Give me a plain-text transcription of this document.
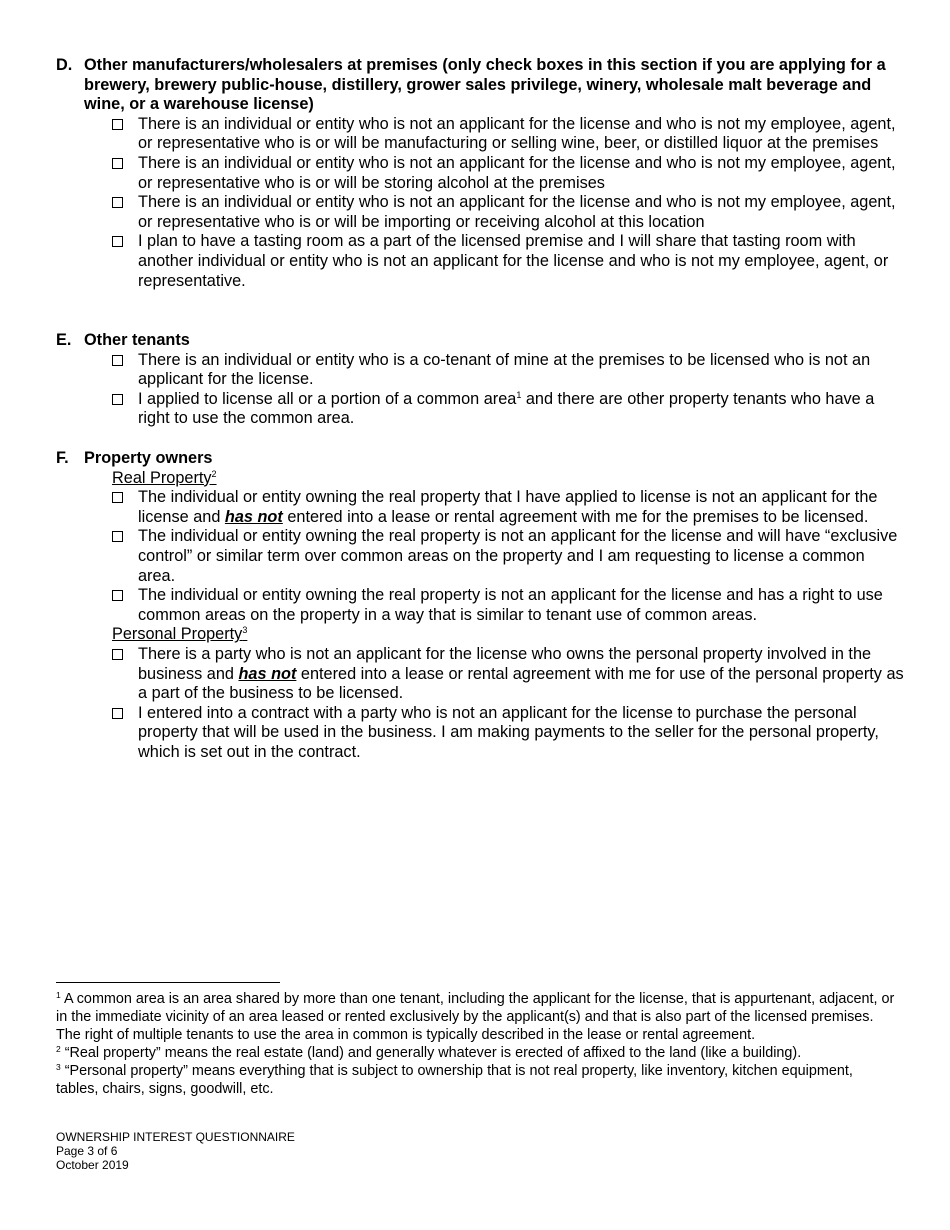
D. Other manufacturers/wholesalers at premises (only check boxes in this section if you are applying for a brewery, brewery public-house, distillery, grower sales privilege, winery, wholesale malt beverage and wine, or a warehouse license)
There is an individual or entity who is not an applicant for the license and who is not my employee, agent, or representative who is or will be manufacturing or selling wine, beer, or distilled liquor at the premises
There is an individual or entity who is not an applicant for the license and who is not my employee, agent, or representative who is or will be storing alcohol at the premises
There is an individual or entity who is not an applicant for the license and who is not my employee, agent, or representative who is or will be importing or receiving alcohol at this location
I plan to have a tasting room as a part of the licensed premise and I will share that tasting room with another individual or entity who is not an applicant for the license and who is not my employee, agent, or representative.
E. Other tenants
There is an individual or entity who is a co-tenant of mine at the premises to be licensed who is not an applicant for the license.
I applied to license all or a portion of a common area$^1$ and there are other property tenants who have a right to use the common area.
F. Property owners
Real Property$^2$
The individual or entity owning the real property that I have applied to license is not an applicant for the license and has not entered into a lease or rental agreement with me for the premises to be licensed.
The individual or entity owning the real property is not an applicant for the license and will have “exclusive control” or similar term over common areas on the property and I am requesting to license a common area.
The individual or entity owning the real property is not an applicant for the license and has a right to use common areas on the property in a way that is similar to tenant use of common areas.
Personal Property$^3$
There is a party who is not an applicant for the license who owns the personal property involved in the business and has not entered into a lease or rental agreement with me for use of the personal property as a part of the business to be licensed.
I entered into a contract with a party who is not an applicant for the license to purchase the personal property that will be used in the business. I am making payments to the seller for the personal property, which is set out in the contract.
$^1$ A common area is an area shared by more than one tenant, including the applicant for the license, that is appurtenant, adjacent, or in the immediate vicinity of an area leased or rented exclusively by the applicant(s) and that is also part of the licensed premises. The right of multiple tenants to use the area in common is typically described in the lease or rental agreement.
$^2$ “Real property” means the real estate (land) and generally whatever is erected of affixed to the land (like a building).
$^3$ “Personal property” means everything that is subject to ownership that is not real property, like inventory, kitchen equipment, tables, chairs, signs, goodwill, etc.
OWNERSHIP INTEREST QUESTIONNAIRE
Page 3 of 6
October 2019
